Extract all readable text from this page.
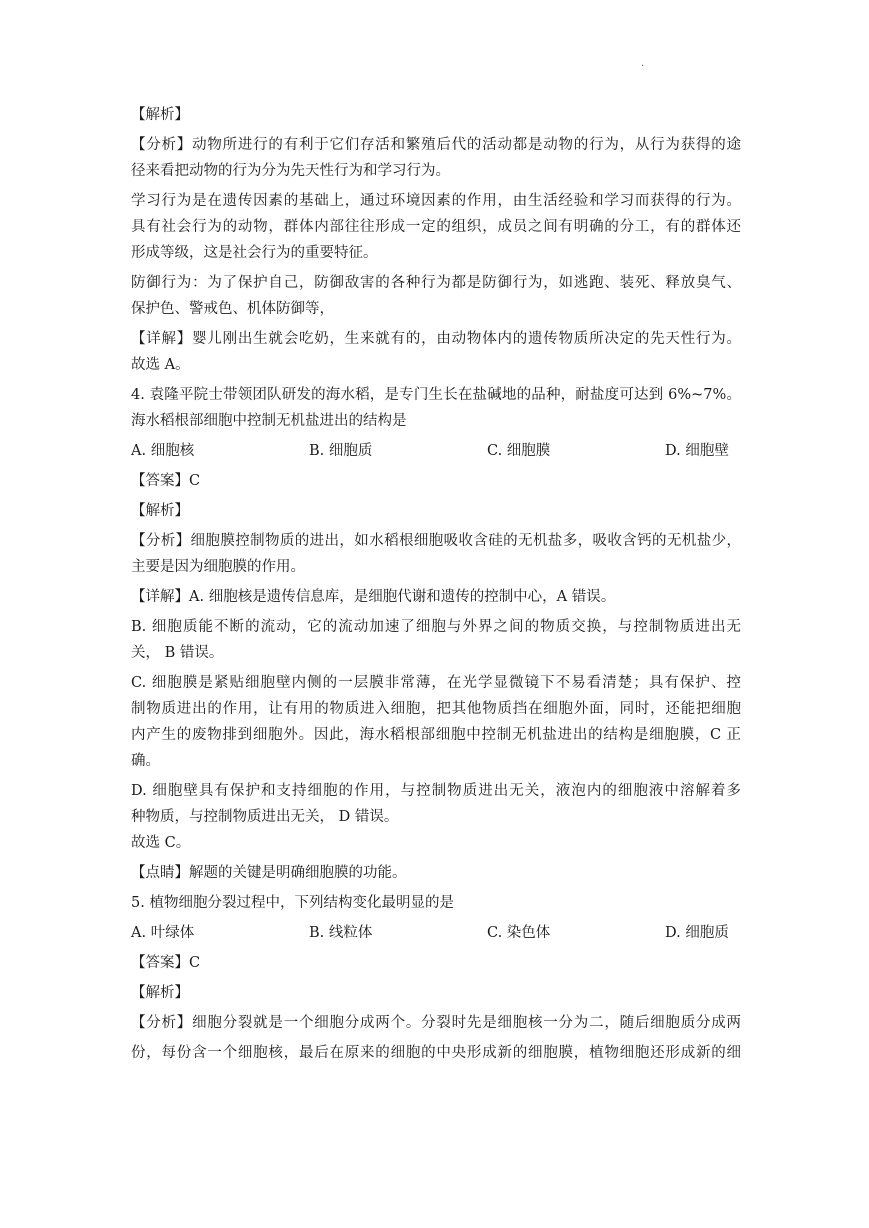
.
【解析】
【分析】动物所进行的有利于它们存活和繁殖后代的活动都是动物的行为，从行为获得的途
径来看把动物的行为分为先天性行为和学习行为。
学习行为是在遗传因素的基础上，通过环境因素的作用，由生活经验和学习而获得的行为。
具有社会行为的动物，群体内部往往形成一定的组织，成员之间有明确的分工，有的群体还
形成等级，这是社会行为的重要特征。
防御行为：为了保护自己，防御敌害的各种行为都是防御行为，如逃跑、装死、释放臭气、
保护色、警戒色、机体防御等，
【详解】婴儿刚出生就会吃奶，生来就有的，由动物体内的遗传物质所决定的先天性行为。
故选 A。
4. 袁隆平院士带领团队研发的海水稻，是专门生长在盐碱地的品种，耐盐度可达到 6%~7%。
海水稻根部细胞中控制无机盐进出的结构是
A. 细胞核	B. 细胞质	C. 细胞膜	D. 细胞壁
【答案】C
【解析】
【分析】细胞膜控制物质的进出，如水稻根细胞吸收含硅的无机盐多，吸收含钙的无机盐少，
主要是因为细胞膜的作用。
【详解】A. 细胞核是遗传信息库，是细胞代谢和遗传的控制中心，A 错误。
B. 细胞质能不断的流动，它的流动加速了细胞与外界之间的物质交换，与控制物质进出无
关， B 错误。
C. 细胞膜是紧贴细胞壁内侧的一层膜非常薄，在光学显微镜下不易看清楚；具有保护、控
制物质进出的作用，让有用的物质进入细胞，把其他物质挡在细胞外面，同时，还能把细胞
内产生的废物排到细胞外。因此，海水稻根部细胞中控制无机盐进出的结构是细胞膜，C 正
确。
D. 细胞壁具有保护和支持细胞的作用，与控制物质进出无关，液泡内的细胞液中溶解着多
种物质，与控制物质进出无关， D 错误。
故选 C。
【点睛】解题的关键是明确细胞膜的功能。
5. 植物细胞分裂过程中，下列结构变化最明显的是
A. 叶绿体	B. 线粒体	C. 染色体	D. 细胞质
【答案】C
【解析】
【分析】细胞分裂就是一个细胞分成两个。分裂时先是细胞核一分为二，随后细胞质分成两
份，每份含一个细胞核，最后在原来的细胞的中央形成新的细胞膜，植物细胞还形成新的细
